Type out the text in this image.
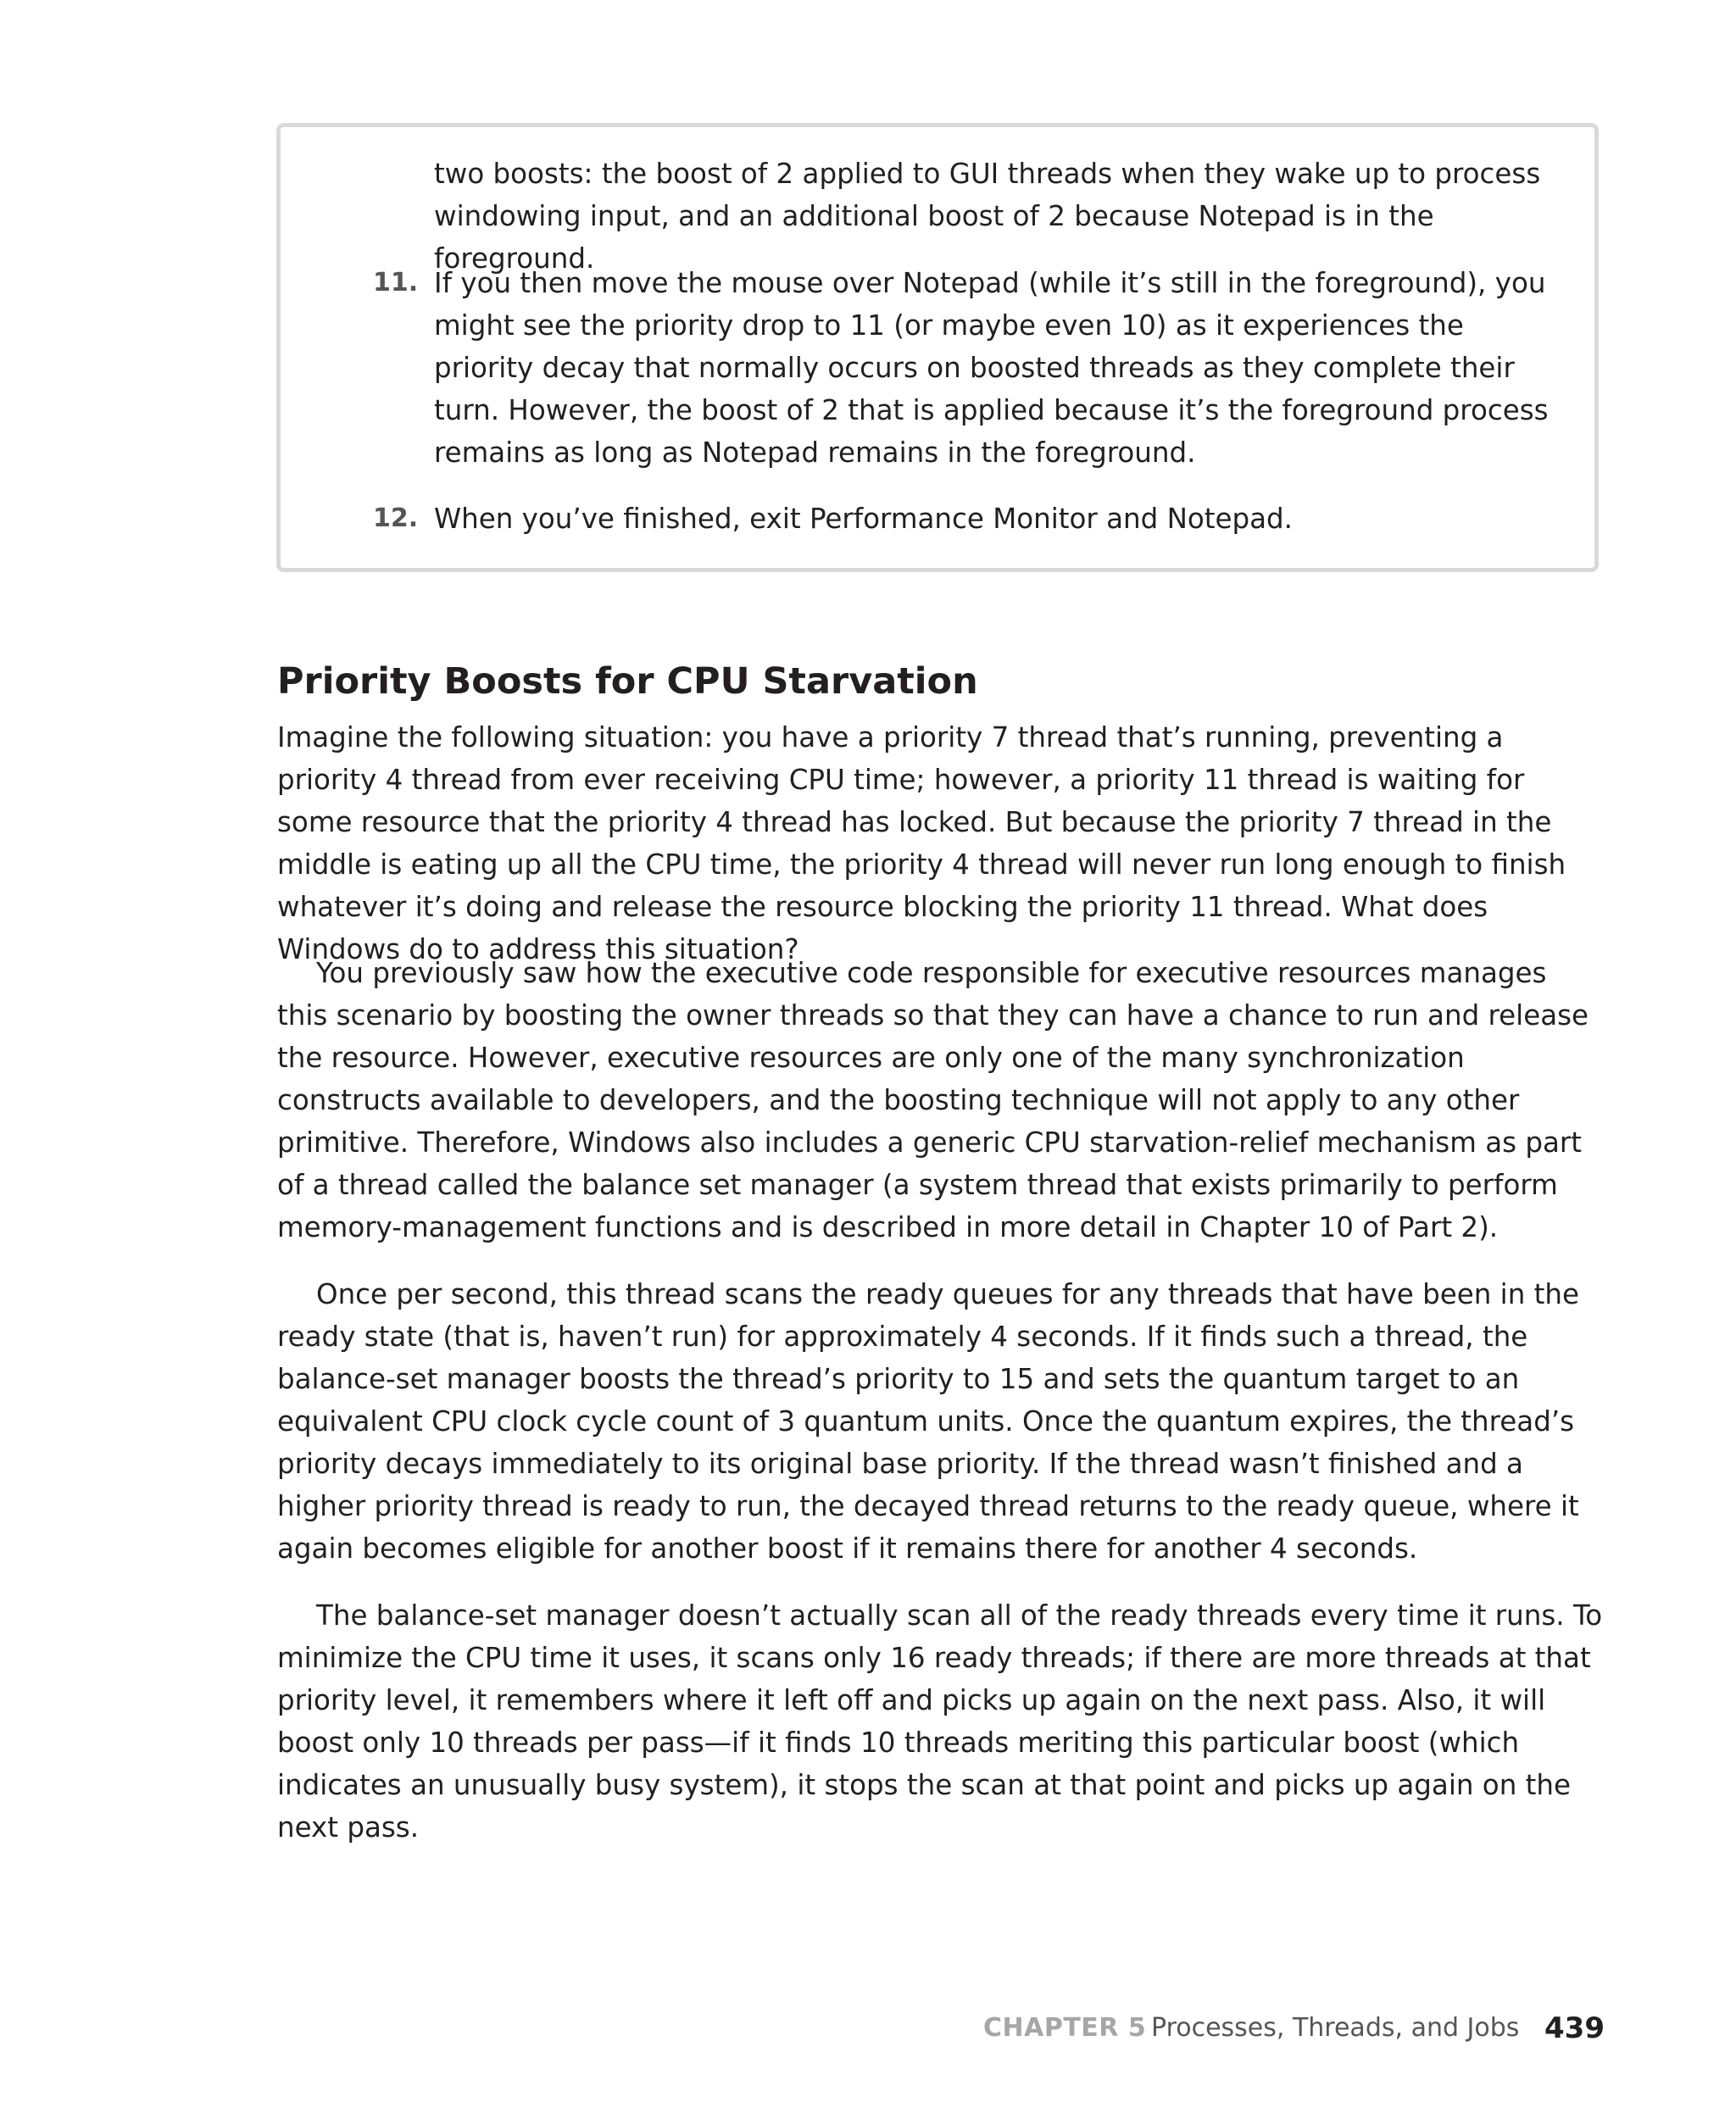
two boosts: the boost of 2 applied to GUI threads when they wake up to process windowing input, and an additional boost of 2 because Notepad is in the foreground.

11. If you then move the mouse over Notepad (while it’s still in the foreground), you might see the priority drop to 11 (or maybe even 10) as it experiences the priority decay that normally occurs on boosted threads as they complete their turn. However, the boost of 2 that is applied because it’s the foreground process remains as long as Notepad remains in the foreground.

12. When you’ve finished, exit Performance Monitor and Notepad.

Priority Boosts for CPU Starvation

Imagine the following situation: you have a priority 7 thread that’s running, preventing a priority 4 thread from ever receiving CPU time; however, a priority 11 thread is waiting for some resource that the priority 4 thread has locked. But because the priority 7 thread in the middle is eating up all the CPU time, the priority 4 thread will never run long enough to finish whatever it’s doing and release the resource blocking the priority 11 thread. What does Windows do to address this situation?

You previously saw how the executive code responsible for executive resources manages this scenario by boosting the owner threads so that they can have a chance to run and release the resource. However, executive resources are only one of the many synchronization constructs available to developers, and the boosting technique will not apply to any other primitive. Therefore, Windows also includes a generic CPU starvation-relief mechanism as part of a thread called the balance set manager (a system thread that exists primarily to perform memory-management functions and is described in more detail in Chapter 10 of Part 2).

Once per second, this thread scans the ready queues for any threads that have been in the ready state (that is, haven’t run) for approximately 4 seconds. If it finds such a thread, the balance-set manager boosts the thread’s priority to 15 and sets the quantum target to an equivalent CPU clock cycle count of 3 quantum units. Once the quantum expires, the thread’s priority decays immediately to its original base priority. If the thread wasn’t finished and a higher priority thread is ready to run, the decayed thread returns to the ready queue, where it again becomes eligible for another boost if it remains there for another 4 seconds.

The balance-set manager doesn’t actually scan all of the ready threads every time it runs. To minimize the CPU time it uses, it scans only 16 ready threads; if there are more threads at that priority level, it remembers where it left off and picks up again on the next pass. Also, it will boost only 10 threads per pass—if it finds 10 threads meriting this particular boost (which indicates an unusually busy system), it stops the scan at that point and picks up again on the next pass.

CHAPTER 5 Processes, Threads, and Jobs 439
